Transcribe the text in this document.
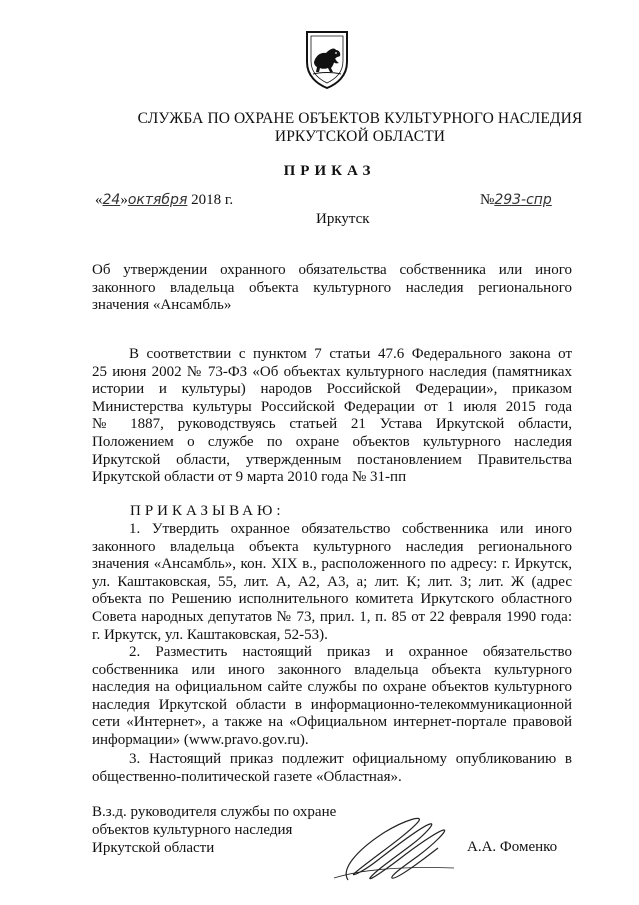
СЛУЖБА ПО ОХРАНЕ ОБЪЕКТОВ КУЛЬТУРНОГО НАСЛЕДИЯ
ИРКУТСКОЙ ОБЛАСТИ
ПРИКАЗ
«24»октября 2018 г.	№293-спр
Иркутск
Об утверждении охранного обязательства собственника или иного
законного владельца объекта культурного наследия регионального
значения «Ансамбль»
В соответствии с пунктом 7 статьи 47.6 Федерального закона от
25 июня 2002 № 73-ФЗ «Об объектах культурного наследия (памятниках
истории и культуры) народов Российской Федерации», приказом
Министерства культуры Российской Федерации от 1 июля 2015 года
№ 1887, руководствуясь статьей 21 Устава Иркутской области,
Положением о службе по охране объектов культурного наследия
Иркутской области, утвержденным постановлением Правительства
Иркутской области от 9 марта 2010 года № 31-пп
ПРИКАЗЫВАЮ:
1. Утвердить охранное обязательство собственника или иного
законного владельца объекта культурного наследия регионального
значения «Ансамбль», кон. XIX в., расположенного по адресу: г. Иркутск,
ул. Каштаковская, 55, лит. А, А2, А3, а; лит. К; лит. З; лит. Ж (адрес
объекта по Решению исполнительного комитета Иркутского областного
Совета народных депутатов № 73, прил. 1, п. 85 от 22 февраля 1990 года:
г. Иркутск, ул. Каштаковская, 52-53).
2. Разместить настоящий приказ и охранное обязательство
собственника или иного законного владельца объекта культурного
наследия на официальном сайте службы по охране объектов культурного
наследия Иркутской области в информационно-телекоммуникационной
сети «Интернет», а также на «Официальном интернет-портале правовой
информации» (www.pravo.gov.ru).
3. Настоящий приказ подлежит официальному опубликованию в
общественно-политической газете «Областная».
В.з.д. руководителя службы по охране
объектов культурного наследия
Иркутской области	А.А. Фоменко
